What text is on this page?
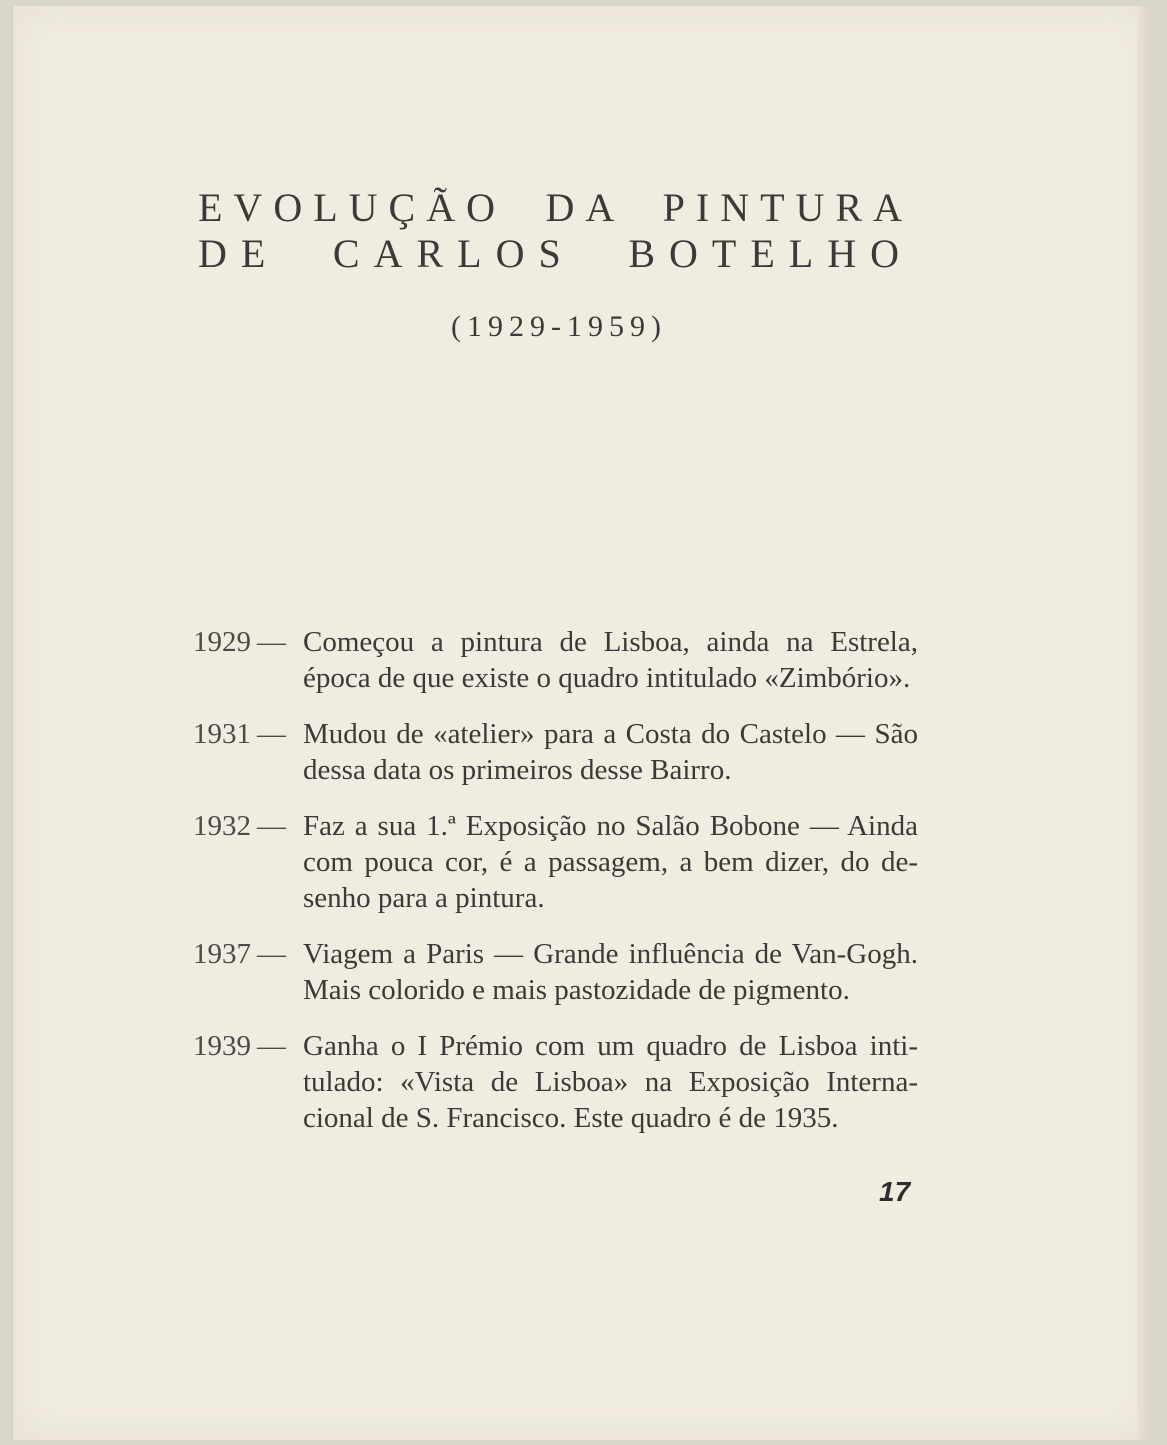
EVOLUÇÃO DA PINTURA
DE CARLOS BOTELHO
(1929-1959)
1929 — Começou a pintura de Lisboa, ainda na Estrela,
época de que existe o quadro intitulado «Zimbório».
1931 — Mudou de «atelier» para a Costa do Castelo — São
dessa data os primeiros desse Bairro.
1932 — Faz a sua 1.ª Exposição no Salão Bobone — Ainda
com pouca cor, é a passagem, a bem dizer, do de-
senho para a pintura.
1937 — Viagem a Paris — Grande influência de Van-Gogh.
Mais colorido e mais pastozidade de pigmento.
1939 — Ganha o I Prémio com um quadro de Lisboa inti-
tulado: «Vista de Lisboa» na Exposição Interna-
cional de S. Francisco. Este quadro é de 1935.
17
